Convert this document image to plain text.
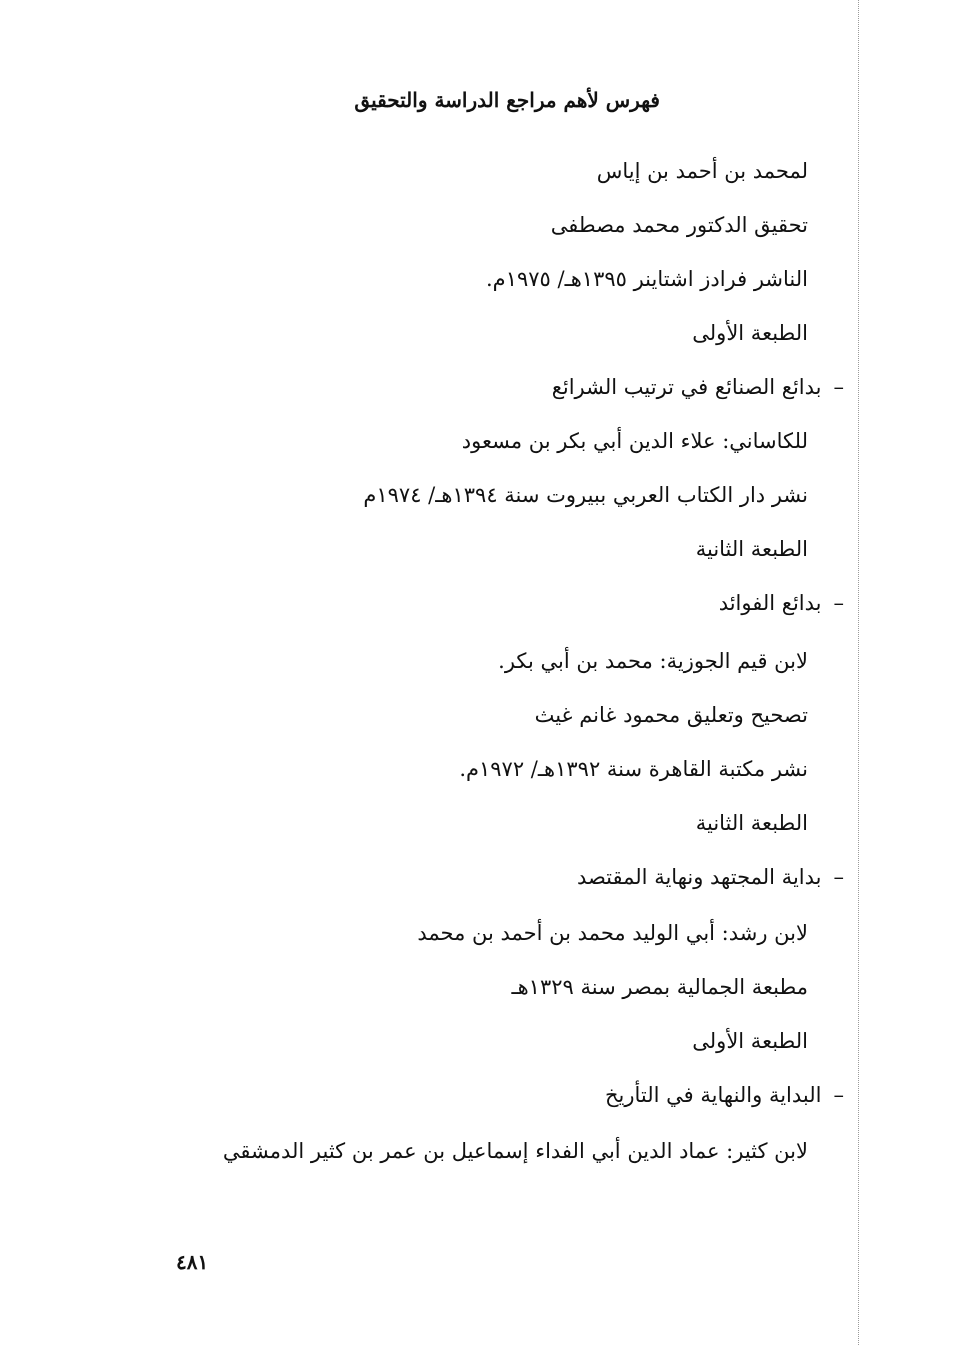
فهرس لأهم مراجع الدراسة والتحقيق
لمحمد بن أحمد بن إياس
تحقيق الدكتور محمد مصطفى
الناشر فرادز اشتاينر ١٣٩٥هـ/ ١٩٧٥م.
الطبعة الأولى
–بدائع الصنائع في ترتيب الشرائع
للكاساني: علاء الدين أبي بكر بن مسعود
نشر دار الكتاب العربي ببيروت سنة ١٣٩٤هـ/ ١٩٧٤م
الطبعة الثانية
–بدائع الفوائد
لابن قيم الجوزية: محمد بن أبي بكر.
تصحيح وتعليق محمود غانم غيث
نشر مكتبة القاهرة سنة ١٣٩٢هـ/ ١٩٧٢م.
الطبعة الثانية
–بداية المجتهد ونهاية المقتصد
لابن رشد: أبي الوليد محمد بن أحمد بن محمد
مطبعة الجمالية بمصر سنة ١٣٢٩هـ
الطبعة الأولى
–البداية والنهاية في التأريخ
لابن كثير: عماد الدين أبي الفداء إسماعيل بن عمر بن كثير الدمشقي
٤٨١
